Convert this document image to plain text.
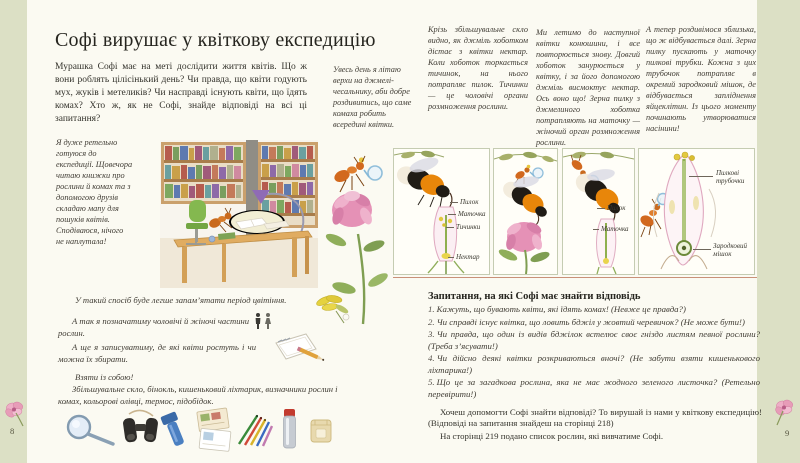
8	9
Софі вирушає у квіткову експедицію
Мурашка Софі має на меті дослідити життя квітів. Що ж вони роблять цілісінький день? Чи правда, що квіти годують мух, жуків і метеликів? Чи насправді існують квіти, що їдять комах? Хто ж, як не Софі, знайде відповіді на всі ці запитання?
Увесь день я літаю верхи на джмелі-чесальнику, аби добре роздивитись, що саме комаха робить всередині квітки.
Я дуже ретельно готуюся до експедиції. Щовечора читаю книжки про рослини й комах та з допомогою друзів складаю мапу для пошуків квітів. Сподіваюся, нічого не наплутала!
Пилок
Маточка
Тичинки
Нектар
Пилок
Маточка
Пилкові трубочки
Зародковий мішок
Крізь збільшувальне скло видно, як джміль хоботком дістає з квітки нектар. Коли хоботок торкається тичинок, на нього потрапляє пилок. Тичинки — це чоловічі органи розмноження рослини.
Ми летимо до наступної квітки конюшини, і все повторюється знову. Довгий хоботок занурюється у квітку, і за його допомогою джміль висмоктує нектар. Ось воно що! Зерна пилку з джмелиного хоботка потрапляють на маточку — жіночий орган розмноження рослини.
А тепер роздивімося зблизька, що ж відбувається далі. Зерна пилку пускають у маточку пилкові трубки. Кожна з цих трубочок потрапляє в окремий зародковий мішок, де відбувається запліднення яйцеклітин. Із цього моменту починають утворюватися насінини!
У такий спосіб буде легше запам’ятати період цвітіння.
А так я позначатиму чоловічі й жіночі частини рослин.
А ще я записуватиму, де які квіти ростуть і чи можна їх збирати.
Взяти із собою!
Збільшувальне скло, бінокль, кишеньковий ліхтарик, визначники рослин і комах, кольорові олівці, термос, підобідок.
Запитання, на які Софі має знайти відповідь

1. Кажуть, що бувають квіти, які їдять комах! (Невже це правда?)

2. Чи справді існує квітка, що ловить бджіл у жовтий черевичок? (Не може бути!)

3. Чи правда, що один із видів бджілок встелює своє гніздо листям певної рослини? (Треба з’ясувати!)

4. Чи дійсно деякі квітки розкриваються вночі? (Не забути взяти кишенькового ліхтарика!)

5. Що це за загадкова рослина, яка не має жодного зеленого листочка? (Ретельно перевірити!)

Хочеш допомогти Софі знайти відповіді? То вирушай із нами у квіткову експедицію! (Відповіді на запитання знайдеш на сторінці 218)

На сторінці 219 подано список рослин, які вивчатиме Софі.
